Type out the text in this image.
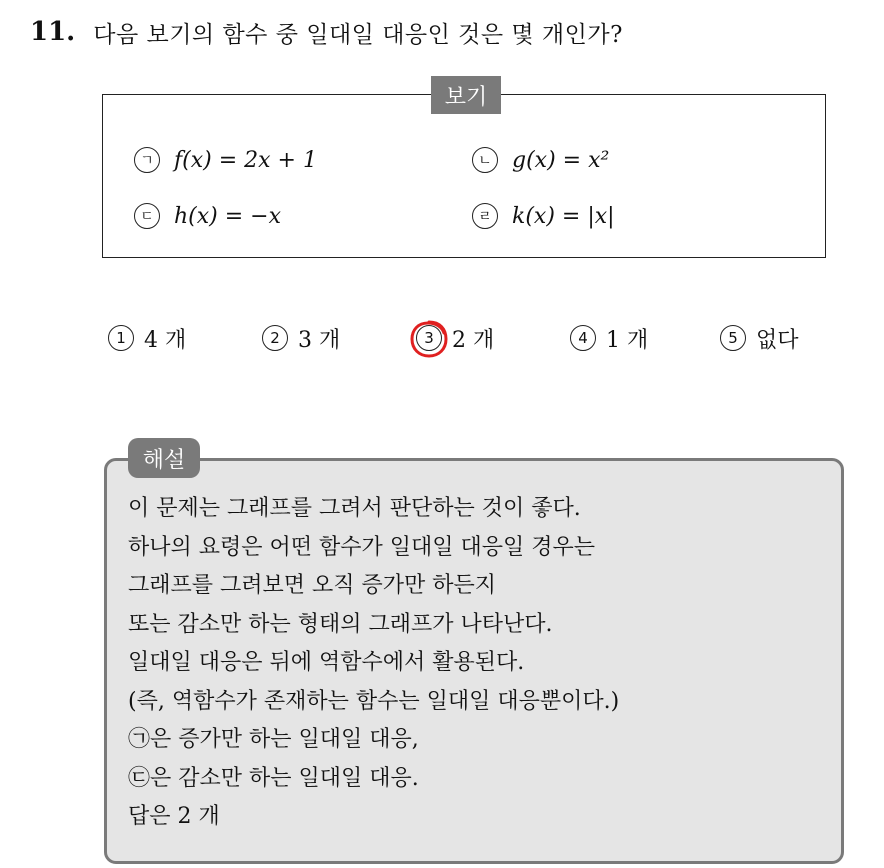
11. 다음 보기의 함수 중 일대일 대응인 것은 몇 개인가?
보기
ㄱ f(x) = 2x + 1	ㄴ g(x) = x²
ㄷ h(x) = −x	ㄹ k(x) = |x|
1 4 개	2 3 개	3 2 개	4 1 개	5 없다
해설
이 문제는 그래프를 그려서 판단하는 것이 좋다.
하나의 요령은 어떤 함수가 일대일 대응일 경우는
그래프를 그려보면 오직 증가만 하든지
또는 감소만 하는 형태의 그래프가 나타난다.
일대일 대응은 뒤에 역함수에서 활용된다.
(즉, 역함수가 존재하는 함수는 일대일 대응뿐이다.)
㉠은 증가만 하는 일대일 대응,
㉢은 감소만 하는 일대일 대응.
답은 2 개
